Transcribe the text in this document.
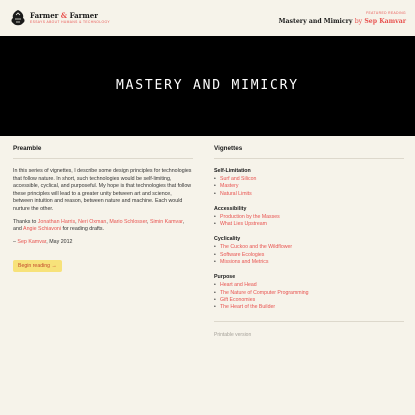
Farmer & Farmer
ESSAYS ABOUT HUMANS & TECHNOLOGY
FEATURED READING
Mastery and Mimicry by Sep Kamvar
MASTERY AND MIMICRY
Preamble

In this series of vignettes, I describe some design principles for technologies that follow nature. In short, such technologies would be self-limiting, accessible, cyclical, and purposeful. My hope is that technologies that follow these principles will lead to a greater unity between art and science, between intuition and reason, between nature and machine. Each would nurture the other.

Thanks to Jonathan Harris, Neri Oxman, Mario Schlosser, Simin Kamvar, and Angie Schiavoni for reading drafts.

– Sep Kamvar, May 2012

Begin reading →
Vignettes
Self-Limitation
• Surf and Silicon
• Mastery
• Natural Limits
Accessibility
• Production by the Masses
• What Lies Upstream
Cyclicality
• The Cuckoo and the Wildflower
• Software Ecologies
• Missions and Metrics
Purpose
• Heart and Head
• The Nature of Computer Programming
• Gift Economies
• The Heart of the Builder
Printable version
